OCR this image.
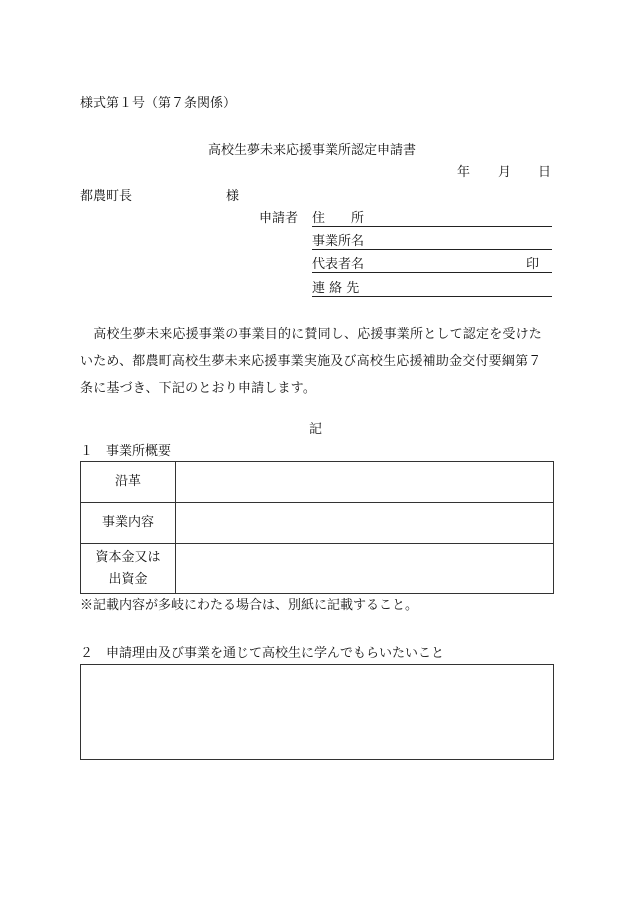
様式第１号（第７条関係）
高校生夢未来応援事業所認定申請書
年 月 日
都農町長	様
申請者 住　　所
事業所名
代表者名	印
連 絡 先
　高校生夢未来応援事業の事業目的に賛同し、応援事業所として認定を受けた
いため、都農町高校生夢未来応援事業実施及び高校生応援補助金交付要綱第７
条に基づき、下記のとおり申請します。
記
１　事業所概要
沿革	
事業内容	

資本金又は
出資金	

※記載内容が多岐にわたる場合は、別紙に記載すること。
２　申請理由及び事業を通じて高校生に学んでもらいたいこと
